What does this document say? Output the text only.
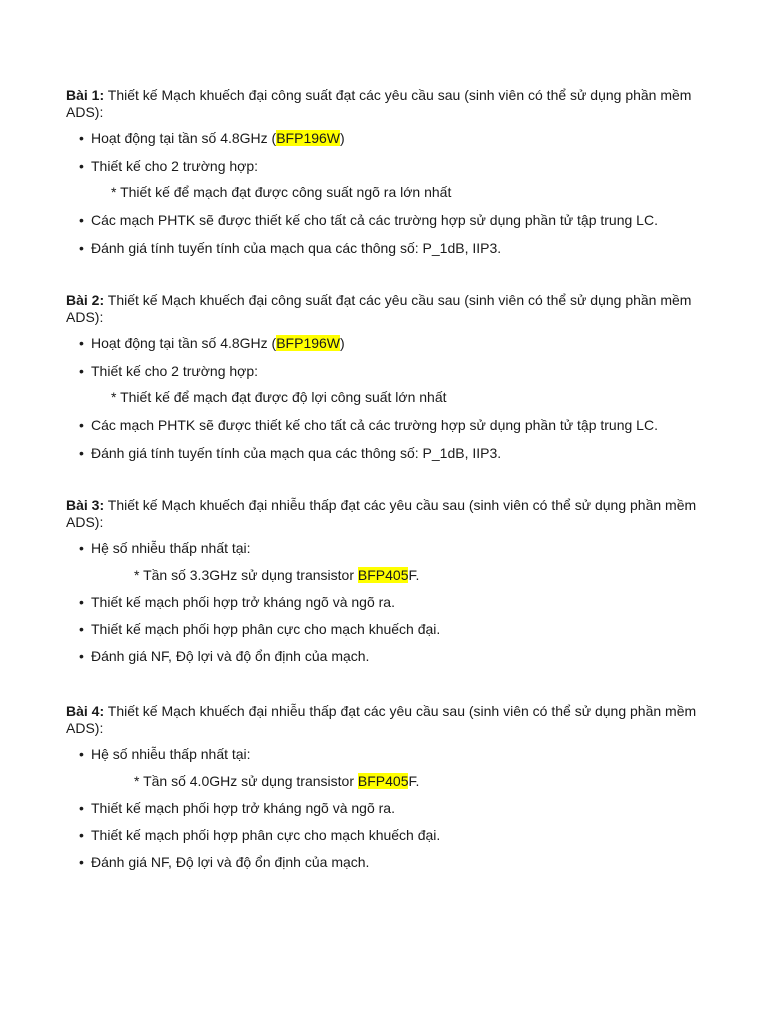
Bài 1: Thiết kế Mạch khuếch đại công suất đạt các yêu cầu sau (sinh viên có thể sử dụng phần mềm ADS):

• Hoạt động tại tần số 4.8GHz (BFP196W)
• Thiết kế cho 2 trường hợp:
* Thiết kế để mạch đạt được công suất ngõ ra lớn nhất
• Các mạch PHTK sẽ được thiết kế cho tất cả các trường hợp sử dụng phần tử tập trung LC.
• Đánh giá tính tuyến tính của mạch qua các thông số: P_1dB, IIP3.

Bài 2: Thiết kế Mạch khuếch đại công suất đạt các yêu cầu sau (sinh viên có thể sử dụng phần mềm ADS):

• Hoạt động tại tần số 4.8GHz (BFP196W)
• Thiết kế cho 2 trường hợp:
* Thiết kế để mạch đạt được độ lợi công suất lớn nhất
• Các mạch PHTK sẽ được thiết kế cho tất cả các trường hợp sử dụng phần tử tập trung LC.
• Đánh giá tính tuyến tính của mạch qua các thông số: P_1dB, IIP3.

Bài 3: Thiết kế Mạch khuếch đại nhiễu thấp đạt các yêu cầu sau (sinh viên có thể sử dụng phần mềm ADS):

• Hệ số nhiễu thấp nhất tại:
* Tần số 3.3GHz sử dụng transistor BFP405F.
• Thiết kế mạch phối hợp trở kháng ngõ và ngõ ra.
• Thiết kế mạch phối hợp phân cực cho mạch khuếch đại.
• Đánh giá NF, Độ lợi và độ ổn định của mạch.

Bài 4: Thiết kế Mạch khuếch đại nhiễu thấp đạt các yêu cầu sau (sinh viên có thể sử dụng phần mềm ADS):

• Hệ số nhiễu thấp nhất tại:
* Tần số 4.0GHz sử dụng transistor BFP405F.
• Thiết kế mạch phối hợp trở kháng ngõ và ngõ ra.
• Thiết kế mạch phối hợp phân cực cho mạch khuếch đại.
• Đánh giá NF, Độ lợi và độ ổn định của mạch.
